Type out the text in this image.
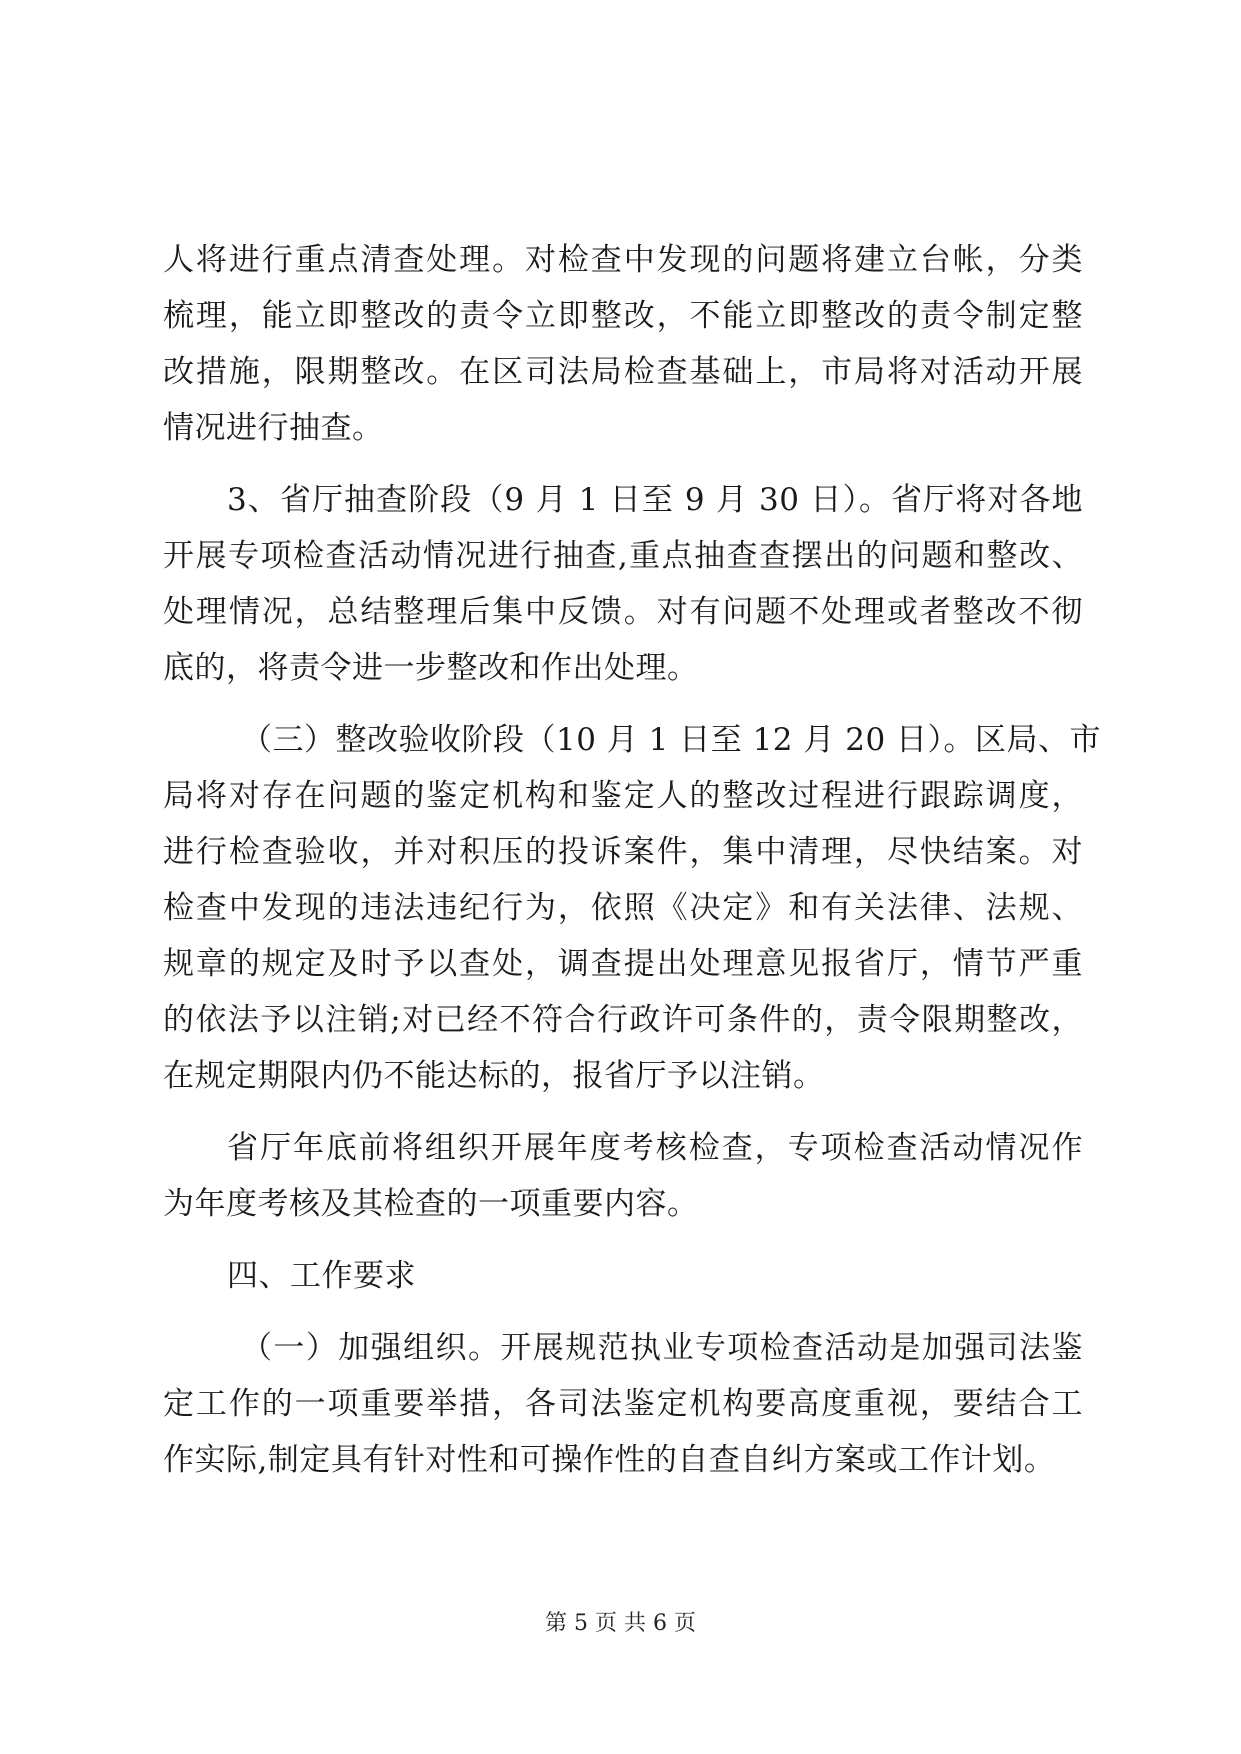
人将进行重点清查处理。对检查中发现的问题将建立台帐，分类
梳理，能立即整改的责令立即整改，不能立即整改的责令制定整
改措施，限期整改。在区司法局检查基础上，市局将对活动开展
情况进行抽查。
3、省厅抽查阶段（9 月 1 日至 9 月 30 日）。省厅将对各地
开展专项检查活动情况进行抽查,重点抽查查摆出的问题和整改、
处理情况，总结整理后集中反馈。对有问题不处理或者整改不彻
底的，将责令进一步整改和作出处理。
（三）整改验收阶段（10 月 1 日至 12 月 20 日）。区局、市
局将对存在问题的鉴定机构和鉴定人的整改过程进行跟踪调度，
进行检查验收，并对积压的投诉案件，集中清理，尽快结案。对
检查中发现的违法违纪行为，依照《决定》和有关法律、法规、
规章的规定及时予以查处，调查提出处理意见报省厅，情节严重
的依法予以注销;对已经不符合行政许可条件的，责令限期整改，
在规定期限内仍不能达标的，报省厅予以注销。
省厅年底前将组织开展年度考核检查，专项检查活动情况作
为年度考核及其检查的一项重要内容。
四、工作要求
（一）加强组织。开展规范执业专项检查活动是加强司法鉴
定工作的一项重要举措，各司法鉴定机构要高度重视，要结合工
作实际,制定具有针对性和可操作性的自查自纠方案或工作计划。
第 5 页 共 6 页
